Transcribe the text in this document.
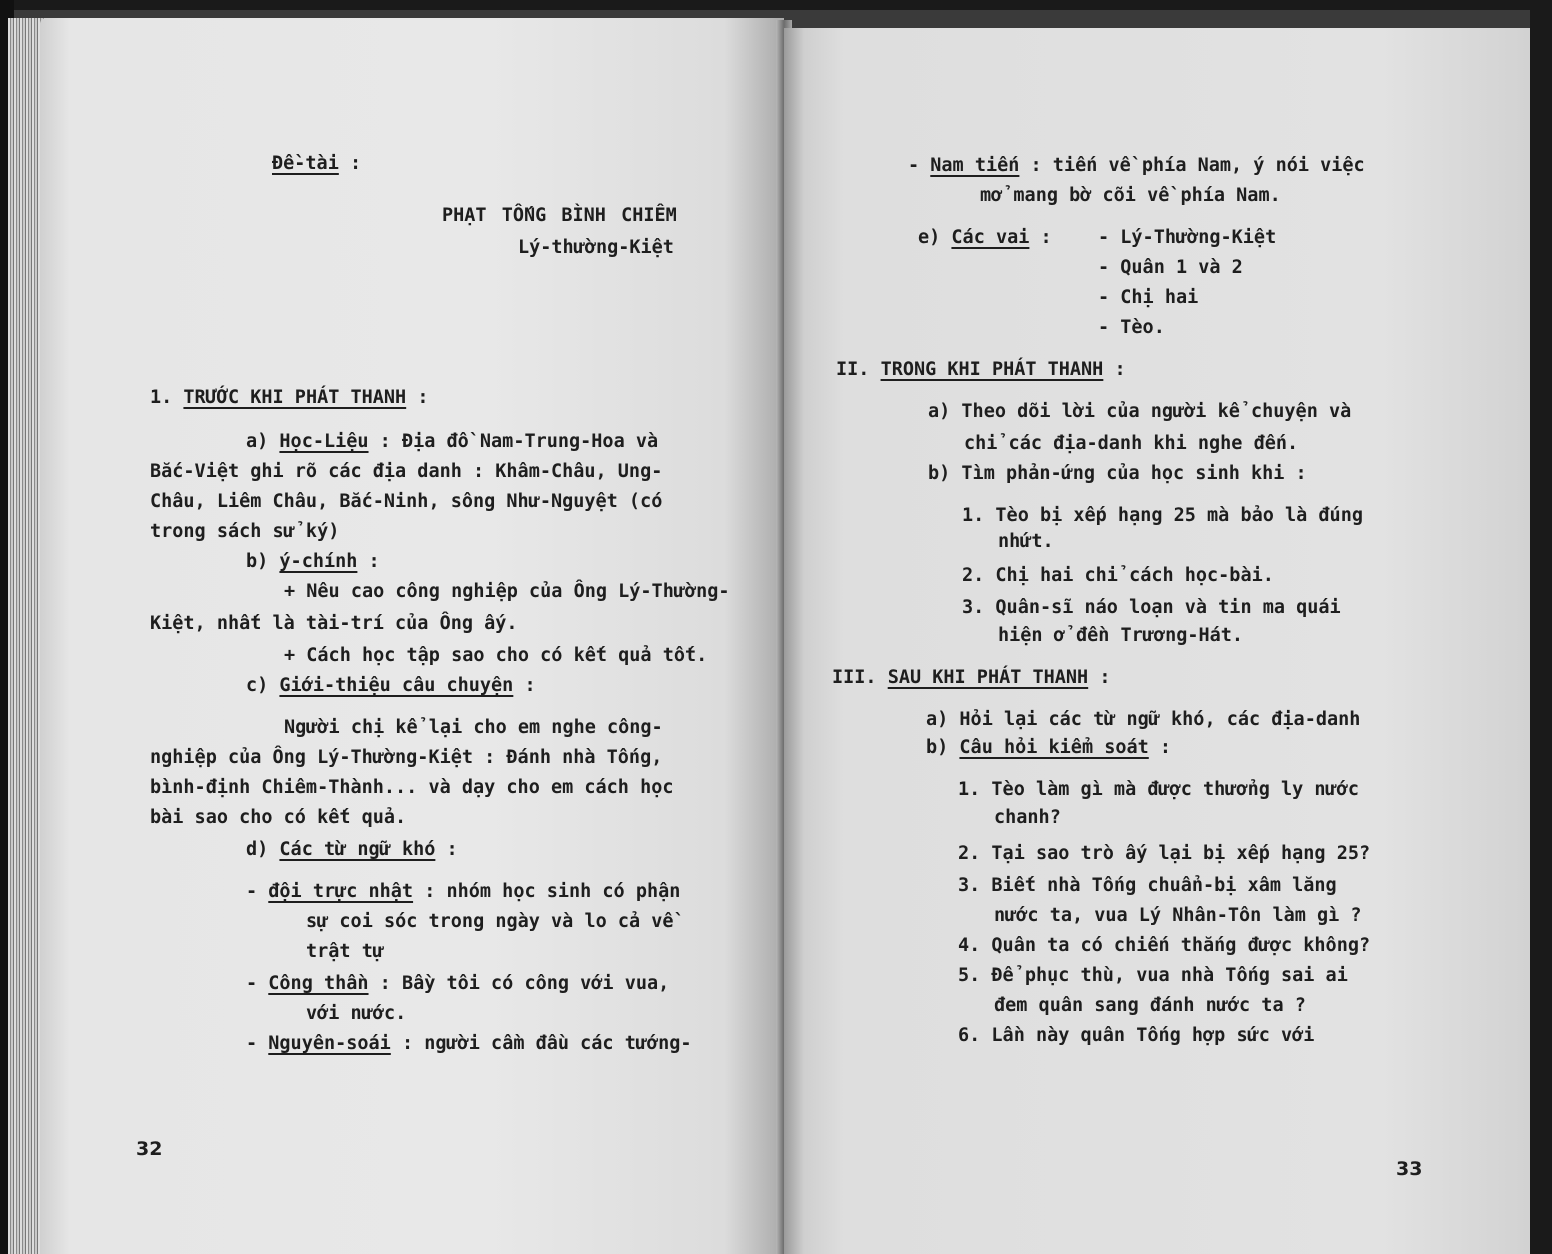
Đề-tài :
PHẠT TỐNG BÌNH CHIÊM
Lý-thường-Kiệt
1. TRƯỚC KHI PHÁT THANH :
a) Học-Liệu : Địa đồ Nam-Trung-Hoa và
Bắc-Việt ghi rõ các địa danh : Khâm-Châu, Ung-
Châu, Liêm Châu, Bắc-Ninh, sông Như-Nguyệt (có
trong sách sử ký)
b) ý-chính :
+ Nêu cao công nghiệp của Ông Lý-Thường-
Kiệt, nhất là tài-trí của Ông ấy.
+ Cách học tập sao cho có kết quả tốt.
c) Giới-thiệu câu chuyện :
Người chị kể lại cho em nghe công-
nghiệp của Ông Lý-Thường-Kiệt : Đánh nhà Tống,
bình-định Chiêm-Thành... và dạy cho em cách học
bài sao cho có kết quả.
d) Các từ ngữ khó :
- đội trực nhật : nhóm học sinh có phận
sự coi sóc trong ngày và lo cả về
trật tự
- Công thần : Bầy tôi có công với vua,
với nước.
- Nguyên-soái : người cầm đầu các tướng-
32
- Nam tiến : tiến về phía Nam, ý nói việc
mở mang bờ cõi về phía Nam.
e) Các vai :	- Lý-Thường-Kiệt
- Quân 1 và 2
- Chị hai
- Tèo.
II. TRONG KHI PHÁT THANH :
a) Theo dõi lời của người kể chuyện và
chỉ các địa-danh khi nghe đến.
b) Tìm phản-ứng của học sinh khi :
1. Tèo bị xếp hạng 25 mà bảo là đúng
nhứt.
2. Chị hai chỉ cách học-bài.
3. Quân-sĩ náo loạn và tin ma quái
hiện ở đền Trương-Hát.
III. SAU KHI PHÁT THANH :
a) Hỏi lại các từ ngữ khó, các địa-danh
b) Câu hỏi kiểm soát :
1. Tèo làm gì mà được thưởng ly nước
chanh?
2. Tại sao trò ấy lại bị xếp hạng 25?
3. Biết nhà Tống chuẩn-bị xâm lăng
nước ta, vua Lý Nhân-Tôn làm gì ?
4. Quân ta có chiến thắng được không?
5. Để phục thù, vua nhà Tống sai ai
đem quân sang đánh nước ta ?
6. Lần này quân Tống hợp sức với
33
